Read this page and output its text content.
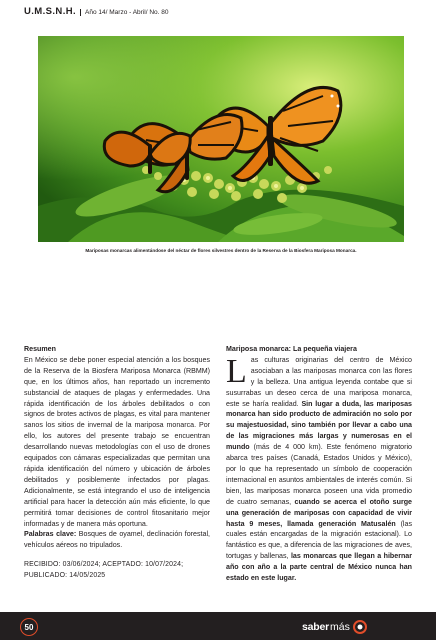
U.M.S.N.H.	Año 14/ Marzo - Abril/ No. 80
Mariposas monarcas alimentándose del néctar de flores silvestres dentro de la Reserva de la Biosfera Mariposa Monarca.
Resumen

En México se debe poner especial atención a los bosques de la Reserva de la Biosfera Mariposa Monarca (RBMM) que, en los últimos años, han reportado un incremento substancial de ataques de plagas y enfermedades. Una rápida identificación de los árboles debilitados o con signos de brotes activos de plagas, es vital para mantener sanos los sitios de invernal de la mariposa monarca. Por ello, los autores del presente trabajo se encuentran desarrollando nuevas metodologías con el uso de drones equipados con cámaras especializadas que permitan una rápida identificación del número y ubicación de árboles debilitados y posiblemente infectados por plagas. Adicionalmente, se está integrando el uso de inteligencia artificial para hacer la detección aún más eficiente, lo que permitirá tomar decisiones de control fitosanitario mejor informadas y de manera más oportuna.

Palabras clave: Bosques de oyamel, declinación forestal, vehículos aéreos no tripulados.

RECIBIDO: 03/06/2024; ACEPTADO: 10/07/2024;
PUBLICADO: 14/05/2025
Mariposa monarca: La pequeña viajera

Las culturas originarias del centro de México asociaban a las mariposas monarca con las flores y la belleza. Una antigua leyenda contabe que si susurrabas un deseo cerca de una mariposa monarca, este se haría realidad. Sin lugar a duda, las mariposas monarca han sido producto de admiración no solo por su majestuosidad, sino también por llevar a cabo una de las migraciones más largas y numerosas en el mundo (más de 4 000 km). Este fenómeno migratorio abarca tres países (Canadá, Estados Unidos y México), por lo que ha representado un símbolo de cooperación internacional en asuntos ambientales de interés común. Si bien, las mariposas monarca poseen una vida promedio de cuatro semanas, cuando se acerca el otoño surge una generación de mariposas con capacidad de vivir hasta 9 meses, llamada generación Matusalén (las cuales están encargadas de la migración estacional). Lo fantástico es que, a diferencia de las migraciones de aves, tortugas y ballenas, las monarcas que llegan a hibernar año con año a la parte central de México nunca han estado en este lugar.

50	saber más
